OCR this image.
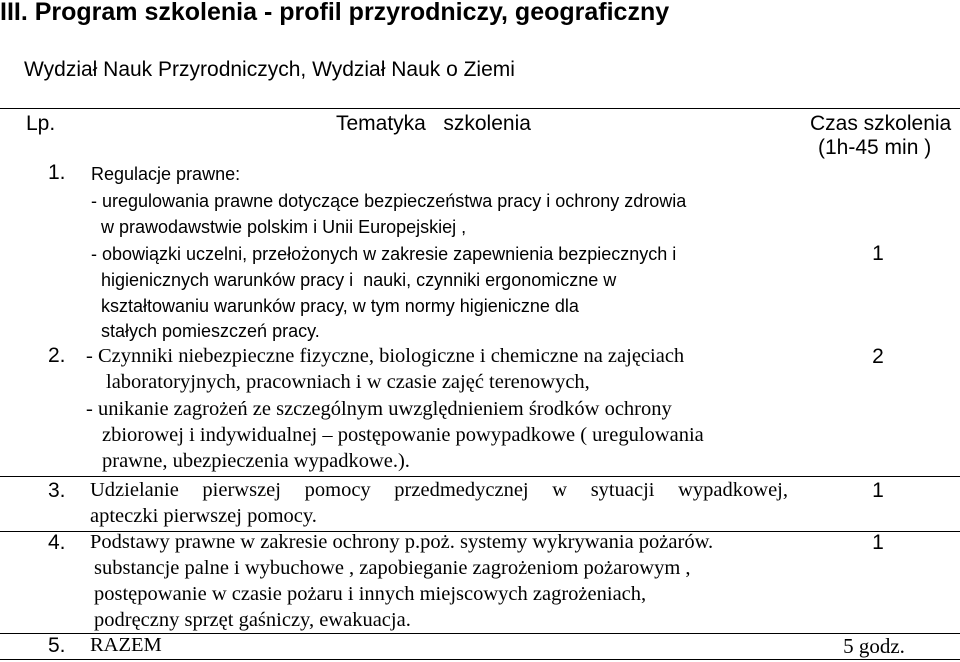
III. Program szkolenia - profil przyrodniczy, geograficzny
Wydział Nauk Przyrodniczych, Wydział Nauk o Ziemi
Lp.	Tematyka   szkolenia	Czas szkolenia
(1h-45 min )
1. Regulacje prawne:
- uregulowania prawne dotyczące bezpieczeństwa pracy i ochrony zdrowia
w prawodawstwie polskim i Unii Europejskiej ,
- obowiązki uczelni, przełożonych w zakresie zapewnienia bezpiecznych i
higienicznych warunków pracy i  nauki, czynniki ergonomiczne w
kształtowaniu warunków pracy, w tym normy higieniczne dla
stałych pomieszczeń pracy.
1
2. - Czynniki niebezpieczne fizyczne, biologiczne i chemiczne na zajęciach
laboratoryjnych, pracowniach i w czasie zajęć terenowych,
- unikanie zagrożeń ze szczególnym uwzględnieniem środków ochrony
zbiorowej i indywidualnej – postępowanie powypadkowe ( uregulowania
prawne, ubezpieczenia wypadkowe.).
2
3. Udzielanie pierwszej pomocy przedmedycznej w sytuacji wypadkowej,
apteczki pierwszej pomocy.
1
4. Podstawy prawne w zakresie ochrony p.poż. systemy wykrywania pożarów.
substancje palne i wybuchowe , zapobieganie zagrożeniom pożarowym ,
postępowanie w czasie pożaru i innych miejscowych zagrożeniach,
podręczny sprzęt gaśniczy, ewakuacja.
1
5. RAZEM	5 godz.
